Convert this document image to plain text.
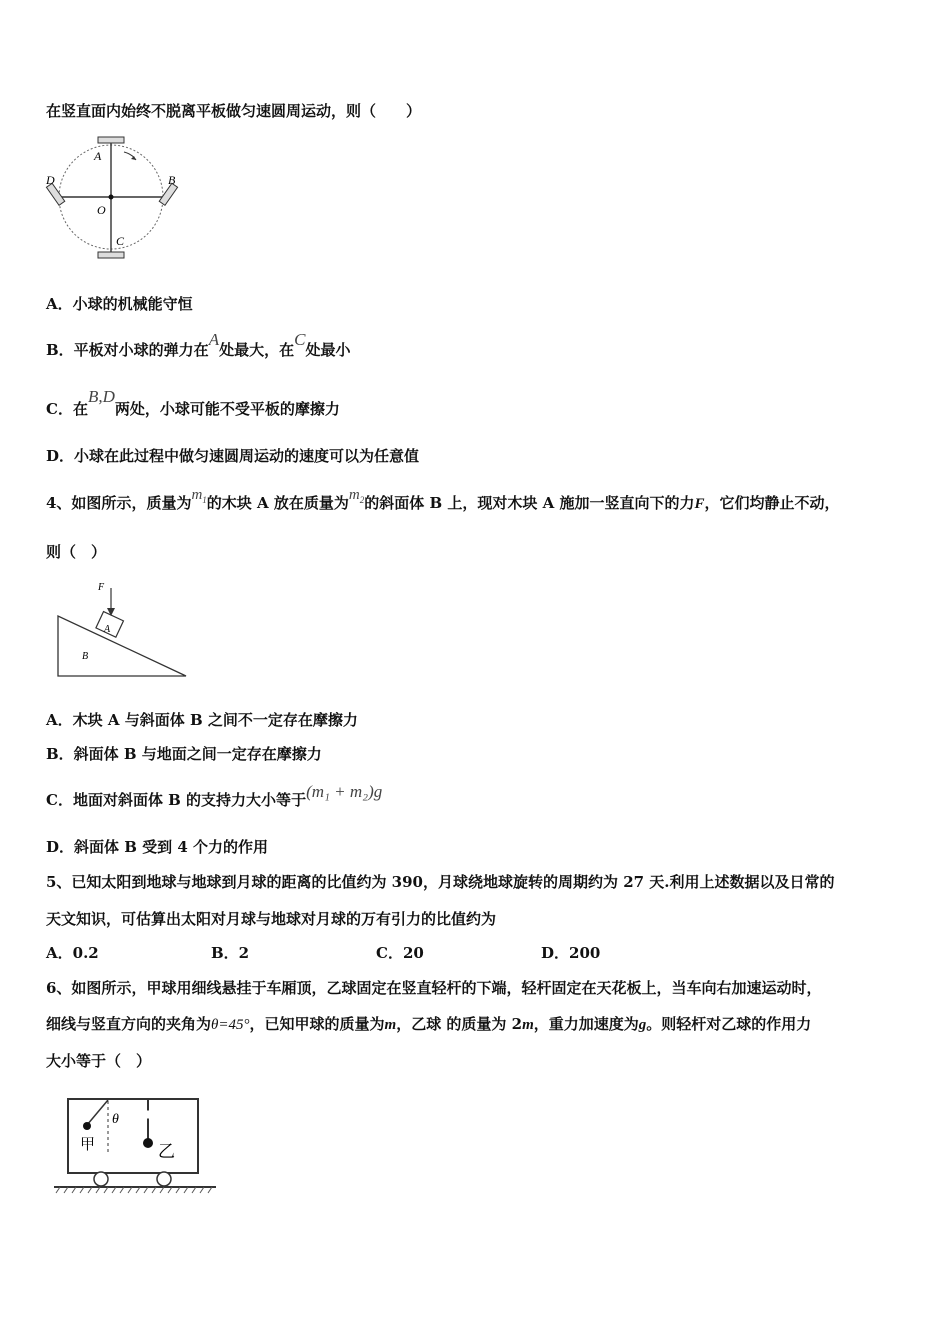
在竖直面内始终不脱离平板做匀速圆周运动，则（　　）
A
D	B
O
C
A．小球的机械能守恒
B．平板对小球的弹力在A处最大，在C处最小
C．在B,D两处，小球可能不受平板的摩擦力
D．小球在此过程中做匀速圆周运动的速度可以为任意值
4、如图所示，质量为$m_1$的木块 A 放在质量为$m_2$的斜面体 B 上，现对木块 A 施加一竖直向下的力F，它们均静止不动，
则（　）
F
A
B
A．木块 A 与斜面体 B 之间不一定存在摩擦力
B．斜面体 B 与地面之间一定存在摩擦力
C．地面对斜面体 B 的支持力大小等于(m₁ + m₂)g
D．斜面体 B 受到 4 个力的作用
5、已知太阳到地球与地球到月球的距离的比值约为 390，月球绕地球旋转的周期约为 27 天.利用上述数据以及日常的
天文知识，可估算出太阳对月球与地球对月球的万有引力的比值约为
A．0.2	B．2	C．20	D．200
6、如图所示，甲球用细线悬挂于车厢顶，乙球固定在竖直轻杆的下端，轻杆固定在天花板上，当车向右加速运动时，
细线与竖直方向的夹角为θ=45°，已知甲球的质量为m，乙球 的质量为 2m，重力加速度为g。则轻杆对乙球的作用力
大小等于（　）
θ
甲	乙
